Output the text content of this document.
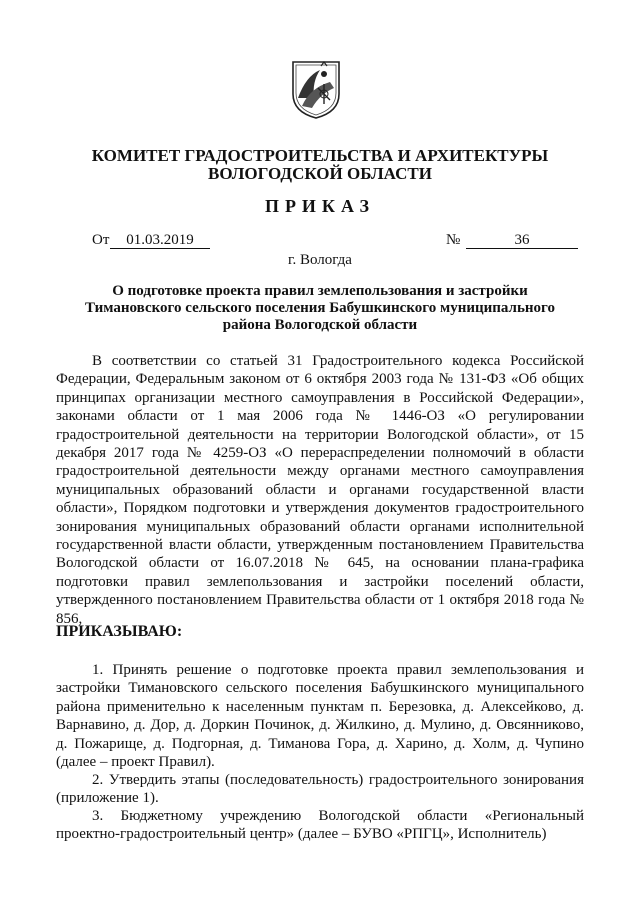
КОМИТЕТ ГРАДОСТРОИТЕЛЬСТВА И АРХИТЕКТУРЫ
ВОЛОГОДСКОЙ ОБЛАСТИ
ПРИКАЗ
От	01.03.2019	№	36
г. Вологда
О подготовке проекта правил землепользования и застройки Тимановского сельского поселения Бабушкинского муниципального района Вологодской области
В соответствии со статьей 31 Градостроительного кодекса Российской Федерации, Федеральным законом от 6 октября 2003 года № 131-ФЗ «Об общих принципах организации местного самоуправления в Российской Федерации», законами области от 1 мая 2006 года № 1446-ОЗ «О регулировании градостроительной деятельности на территории Вологодской области», от 15 декабря 2017 года № 4259-ОЗ «О перераспределении полномочий в области градостроительной деятельности между органами местного самоуправления муниципальных образований области и органами государственной власти области», Порядком подготовки и утверждения документов градостроительного зонирования муниципальных образований области органами исполнительной государственной власти области, утвержденным постановлением Правительства Вологодской области от 16.07.2018 № 645, на основании плана-графика подготовки правил землепользования и застройки поселений области, утвержденного постановлением Правительства области от 1 октября 2018 года № 856,
ПРИКАЗЫВАЮ:
1. Принять решение о подготовке проекта правил землепользования и застройки Тимановского сельского поселения Бабушкинского муниципального района применительно к населенным пунктам п. Березовка, д. Алексейково, д. Варнавино, д. Дор, д. Доркин Починок, д. Жилкино, д. Мулино, д. Овсянниково, д. Пожарище, д. Подгорная, д. Тиманова Гора, д. Харино, д. Холм, д. Чупино (далее – проект Правил).
2. Утвердить этапы (последовательность) градостроительного зонирования (приложение 1).
3. Бюджетному учреждению Вологодской области «Региональный проектно-градостроительный центр» (далее – БУВО «РПГЦ», Исполнитель)
